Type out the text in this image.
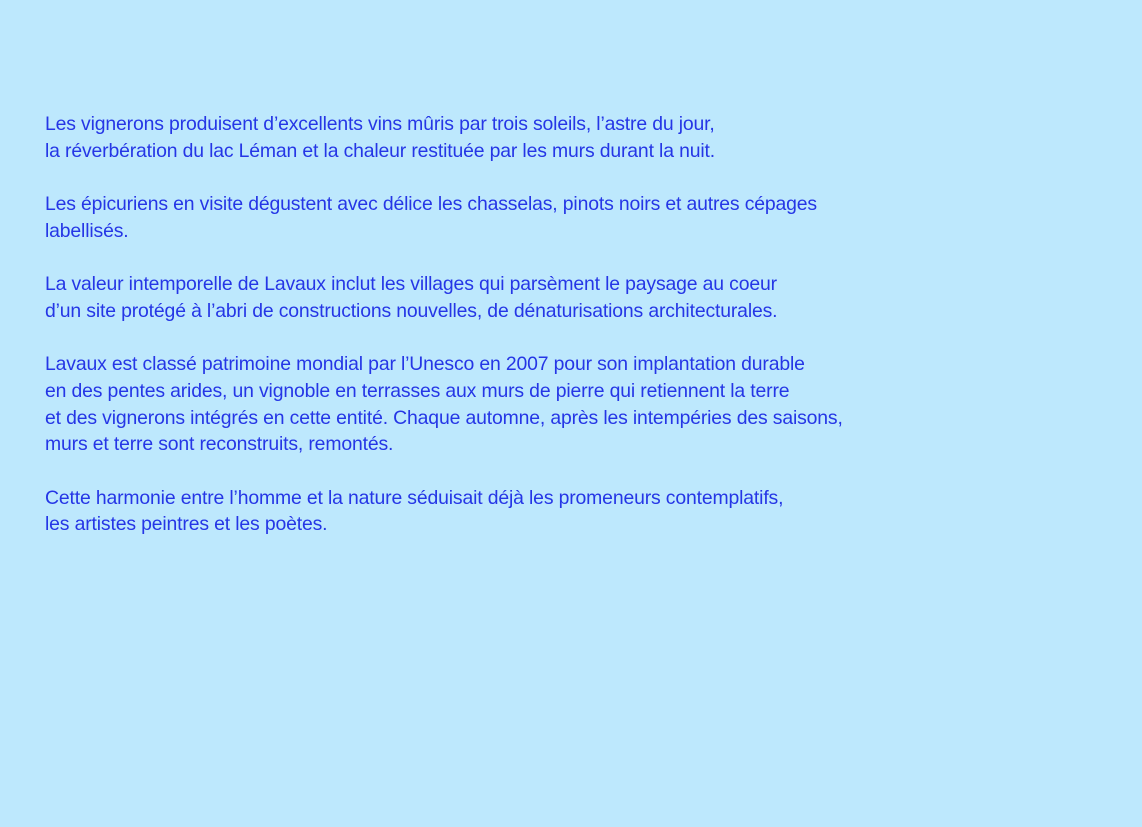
Les vignerons produisent d’excellents vins mûris par trois soleils, l’astre du jour,
la réverbération du lac Léman et la chaleur restituée par les murs durant la nuit.

Les épicuriens en visite dégustent avec délice les chasselas, pinots noirs et autres cépages
labellisés.

La valeur intemporelle de Lavaux inclut les villages qui parsèment le paysage au coeur
d’un site protégé à l’abri de constructions nouvelles, de dénaturisations architecturales.

Lavaux est classé patrimoine mondial par l’Unesco en 2007 pour son implantation durable
en des pentes arides, un vignoble en terrasses aux murs de pierre qui retiennent la terre
et des vignerons intégrés en cette entité. Chaque automne, après les intempéries des saisons,
murs et terre sont reconstruits, remontés.

Cette harmonie entre l’homme et la nature séduisait déjà les promeneurs contemplatifs,
les artistes peintres et les poètes.
